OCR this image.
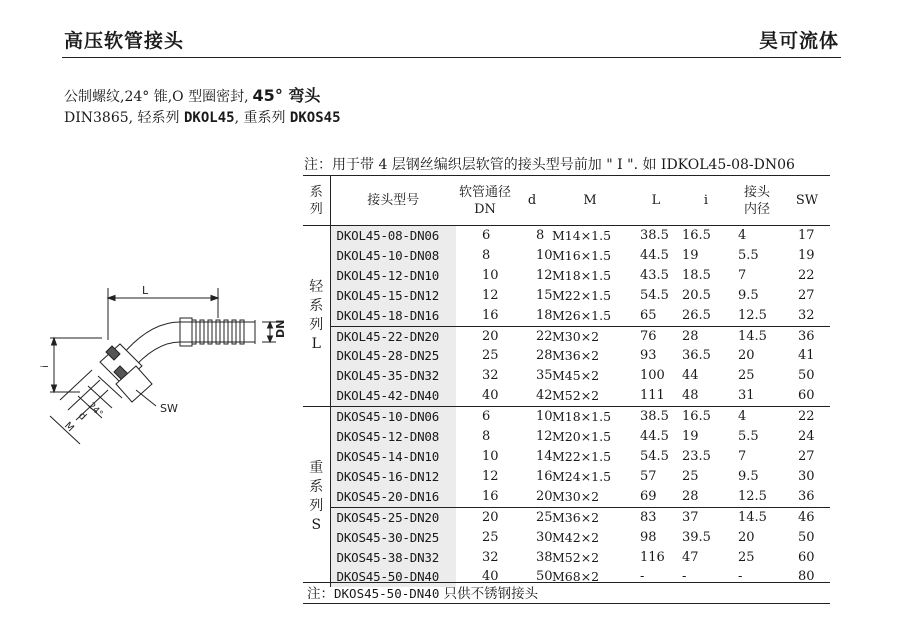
高压软管接头	昊可流体
公制螺纹,24° 锥,O 型圈密封, 45° 弯头
DIN3865, 轻系列 DKOL45, 重系列 DKOS45
L
DN
i
SW
24°
d
M
注：用于带 4 层钢丝编织层软管的接头型号前加 " I ". 如 IDKOL45-08-DN06
系列	接头型号	软管通径 DN	d	M	L	i	接头内径	SW
轻系列L	DKOL45-08-DN06	6	8	M14×1.5	38.5	16.5	4	17
	DKOL45-10-DN08	8	10	M16×1.5	44.5	19	5.5	19
	DKOL45-12-DN10	10	12	M18×1.5	43.5	18.5	7	22
	DKOL45-15-DN12	12	15	M22×1.5	54.5	20.5	9.5	27
	DKOL45-18-DN16	16	18	M26×1.5	65	26.5	12.5	32
	DKOL45-22-DN20	20	22	M30×2	76	28	14.5	36
	DKOL45-28-DN25	25	28	M36×2	93	36.5	20	41
	DKOL45-35-DN32	32	35	M45×2	100	44	25	50
	DKOL45-42-DN40	40	42	M52×2	111	48	31	60
重系列S	DKOS45-10-DN06	6	10	M18×1.5	38.5	16.5	4	22
	DKOS45-12-DN08	8	12	M20×1.5	44.5	19	5.5	24
	DKOS45-14-DN10	10	14	M22×1.5	54.5	23.5	7	27
	DKOS45-16-DN12	12	16	M24×1.5	57	25	9.5	30
	DKOS45-20-DN16	16	20	M30×2	69	28	12.5	36
	DKOS45-25-DN20	20	25	M36×2	83	37	14.5	46
	DKOS45-30-DN25	25	30	M42×2	98	39.5	20	50
	DKOS45-38-DN32	32	38	M52×2	116	47	25	60
	DKOS45-50-DN40	40	50	M68×2	-	-	-	80
注：DKOS45-50-DN40 只供不锈钢接头
